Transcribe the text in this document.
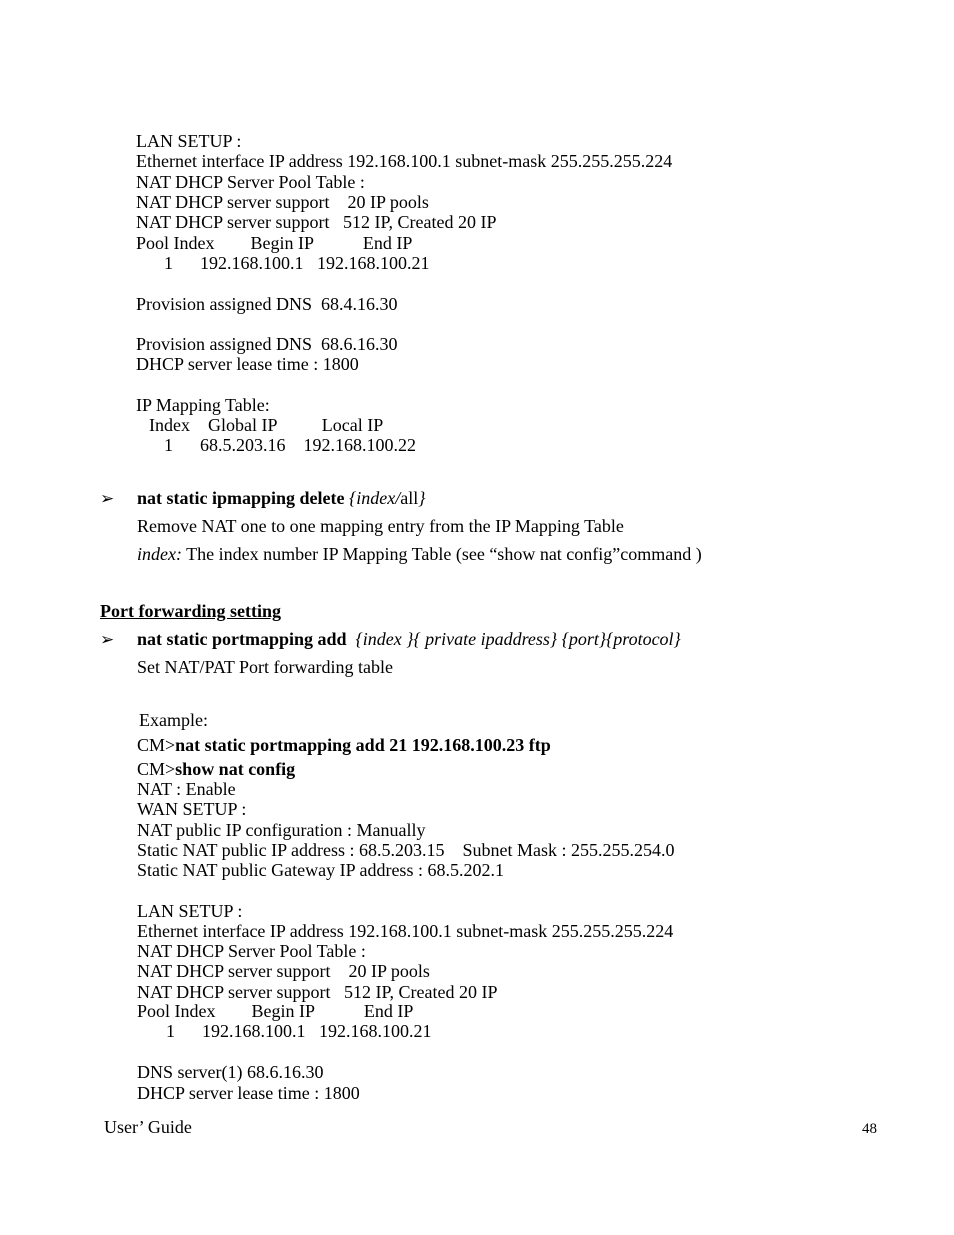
LAN SETUP :
Ethernet interface IP address 192.168.100.1 subnet-mask 255.255.255.224
NAT DHCP Server Pool Table :
NAT DHCP server support    20 IP pools
NAT DHCP server support   512 IP, Created 20 IP
Pool Index        Begin IP           End IP
1      192.168.100.1   192.168.100.21
Provision assigned DNS  68.4.16.30
Provision assigned DNS  68.6.16.30
DHCP server lease time : 1800
IP Mapping Table:
Index    Global IP          Local IP
1      68.5.203.16    192.168.100.22
➢ nat static ipmapping delete {index/all}
Remove NAT one to one mapping entry from the IP Mapping Table
index: The index number IP Mapping Table (see “show nat config”command )
Port forwarding setting
➢ nat static portmapping add  {index }{ private ipaddress} {port}{protocol}
Set NAT/PAT Port forwarding table
Example:
CM>nat static portmapping add 21 192.168.100.23 ftp
CM>show nat config
NAT : Enable
WAN SETUP :
NAT public IP configuration : Manually
Static NAT public IP address : 68.5.203.15    Subnet Mask : 255.255.254.0
Static NAT public Gateway IP address : 68.5.202.1
LAN SETUP :
Ethernet interface IP address 192.168.100.1 subnet-mask 255.255.255.224
NAT DHCP Server Pool Table :
NAT DHCP server support    20 IP pools
NAT DHCP server support   512 IP, Created 20 IP
Pool Index        Begin IP           End IP
1      192.168.100.1   192.168.100.21
DNS server(1) 68.6.16.30
DHCP server lease time : 1800
User’ Guide	48
